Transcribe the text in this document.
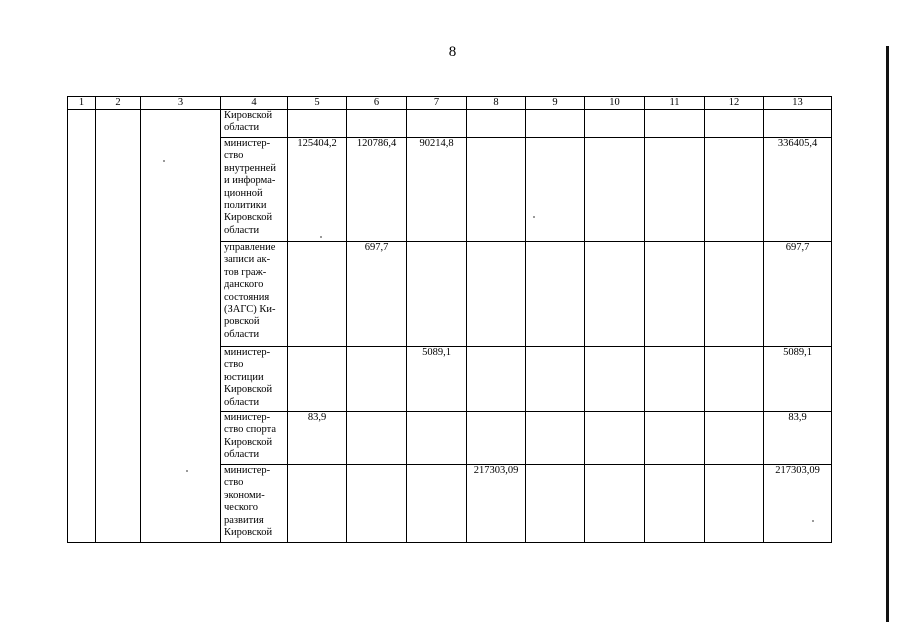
8
1	2	3	4	5	6	7	8	9	10	11	12	13
			Кировской области									
			министер-ство внутренней и информа-ционной политики Кировской области	125404,2	120786,4	90214,8						336405,4
			управление записи ак-тов граж-данского состояния (ЗАГС) Ки-ровской области		697,7							697,7
			министер-ство юстиции Кировской области			5089,1						5089,1
			министер-ство спорта Кировской области	83,9								83,9
			министер-ство экономи-ческого развития Кировской				217303,09					217303,09
